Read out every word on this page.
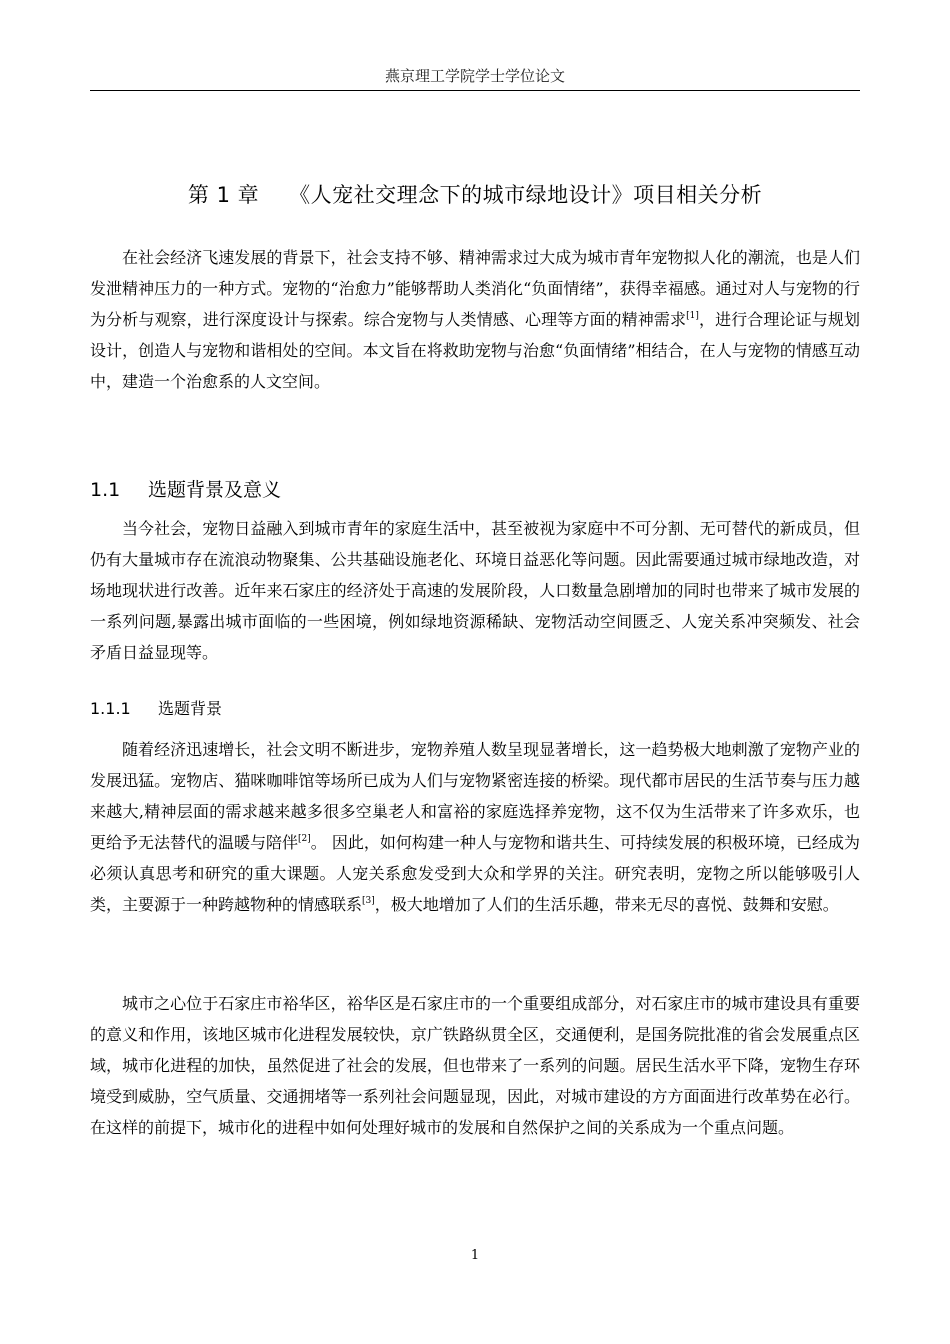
燕京理工学院学士学位论文
第 1 章 《人宠社交理念下的城市绿地设计》项目相关分析

在社会经济飞速发展的背景下，社会支持不够、精神需求过大成为城市青年宠物拟人化的潮流，也是人们发泄精神压力的一种方式。宠物的“治愈力”能够帮助人类消化“负面情绪”，获得幸福感。通过对人与宠物的行为分析与观察，进行深度设计与探索。综合宠物与人类情感、心理等方面的精神需求[1]，进行合理论证与规划设计，创造人与宠物和谐相处的空间。本文旨在将救助宠物与治愈“负面情绪”相结合，在人与宠物的情感互动中，建造一个治愈系的人文空间。

1.1 选题背景及意义

当今社会，宠物日益融入到城市青年的家庭生活中，甚至被视为家庭中不可分割、无可替代的新成员，但仍有大量城市存在流浪动物聚集、公共基础设施老化、环境日益恶化等问题。因此需要通过城市绿地改造，对场地现状进行改善。近年来石家庄的经济处于高速的发展阶段，人口数量急剧增加的同时也带来了城市发展的一系列问题,暴露出城市面临的一些困境，例如绿地资源稀缺、宠物活动空间匮乏、人宠关系冲突频发、社会矛盾日益显现等。

1.1.1 选题背景

随着经济迅速增长，社会文明不断进步，宠物养殖人数呈现显著增长，这一趋势极大地刺激了宠物产业的发展迅猛。宠物店、猫咪咖啡馆等场所已成为人们与宠物紧密连接的桥梁。现代都市居民的生活节奏与压力越来越大,精神层面的需求越来越多很多空巢老人和富裕的家庭选择养宠物，这不仅为生活带来了许多欢乐，也更给予无法替代的温暖与陪伴[2]。 因此，如何构建一种人与宠物和谐共生、可持续发展的积极环境，已经成为必须认真思考和研究的重大课题。人宠关系愈发受到大众和学界的关注。研究表明，宠物之所以能够吸引人类，主要源于一种跨越物种的情感联系[3]，极大地增加了人们的生活乐趣，带来无尽的喜悦、鼓舞和安慰。

城市之心位于石家庄市裕华区，裕华区是石家庄市的一个重要组成部分，对石家庄市的城市建设具有重要的意义和作用，该地区城市化进程发展较快，京广铁路纵贯全区，交通便利，是国务院批准的省会发展重点区域，城市化进程的加快，虽然促进了社会的发展，但也带来了一系列的问题。居民生活水平下降，宠物生存环境受到威胁，空气质量、交通拥堵等一系列社会问题显现，因此，对城市建设的方方面面进行改革势在必行。在这样的前提下，城市化的进程中如何处理好城市的发展和自然保护之间的关系成为一个重点问题。

1
